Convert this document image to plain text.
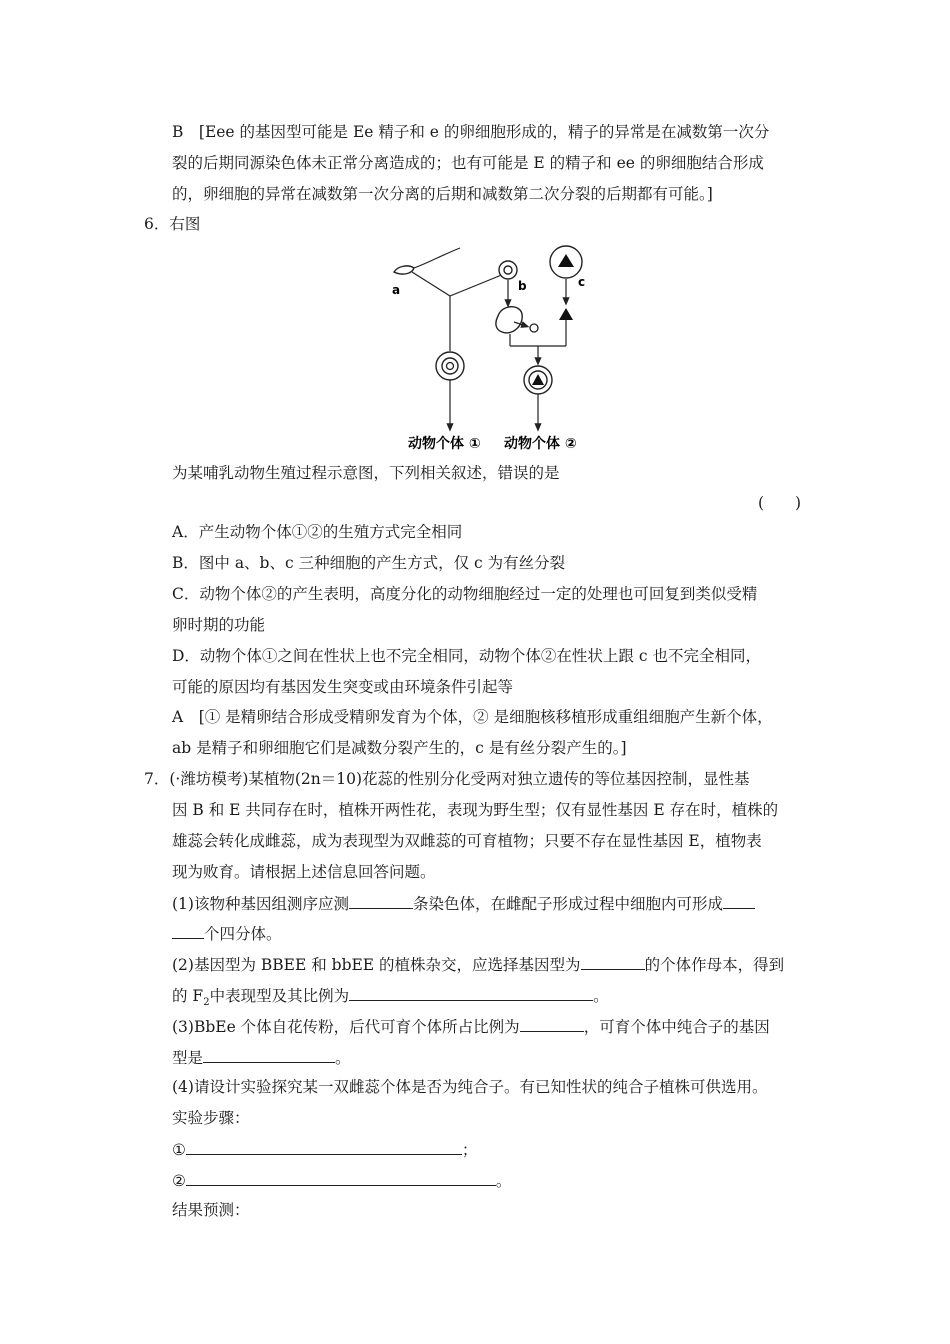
B　[Eee 的基因型可能是 Ee 精子和 e 的卵细胞形成的，精子的异常是在减数第一次分
裂的后期同源染色体未正常分离造成的；也有可能是 E 的精子和 ee 的卵细胞结合形成
的，卵细胞的异常在减数第一次分离的后期和减数第二次分裂的后期都有可能。]
6．右图
a	b	c
动物个体 ① 动物个体 ②
为某哺乳动物生殖过程示意图，下列相关叙述，错误的是
(　　)
A．产生动物个体①②的生殖方式完全相同
B．图中 a、b、c 三种细胞的产生方式，仅 c 为有丝分裂
C．动物个体②的产生表明，高度分化的动物细胞经过一定的处理也可回复到类似受精
卵时期的功能
D．动物个体①之间在性状上也不完全相同，动物个体②在性状上跟 c 也不完全相同，
可能的原因均有基因发生突变或由环境条件引起等
A　[① 是精卵结合形成受精卵发育为个体，② 是细胞核移植形成重组细胞产生新个体，
ab 是精子和卵细胞它们是减数分裂产生的，c 是有丝分裂产生的。]
7．(·潍坊模考)某植物(2n＝10)花蕊的性别分化受两对独立遗传的等位基因控制，显性基
因 B 和 E 共同存在时，植株开两性花，表现为野生型；仅有显性基因 E 存在时，植株的
雄蕊会转化成雌蕊，成为表现型为双雌蕊的可育植物；只要不存在显性基因 E，植物表
现为败育。请根据上述信息回答问题。
(1)该物种基因组测序应测	条染色体，在雌配子形成过程中细胞内可形成
个四分体。
(2)基因型为 BBEE 和 bbEE 的植株杂交，应选择基因型为	的个体作母本，得到
的 $F_2$中表现型及其比例为	。
(3)BbEe 个体自花传粉，后代可育个体所占比例为	，可育个体中纯合子的基因
型是	。
(4)请设计实验探究某一双雌蕊个体是否为纯合子。有已知性状的纯合子植株可供选用。
实验步骤：
①	；
②	。
结果预测：
